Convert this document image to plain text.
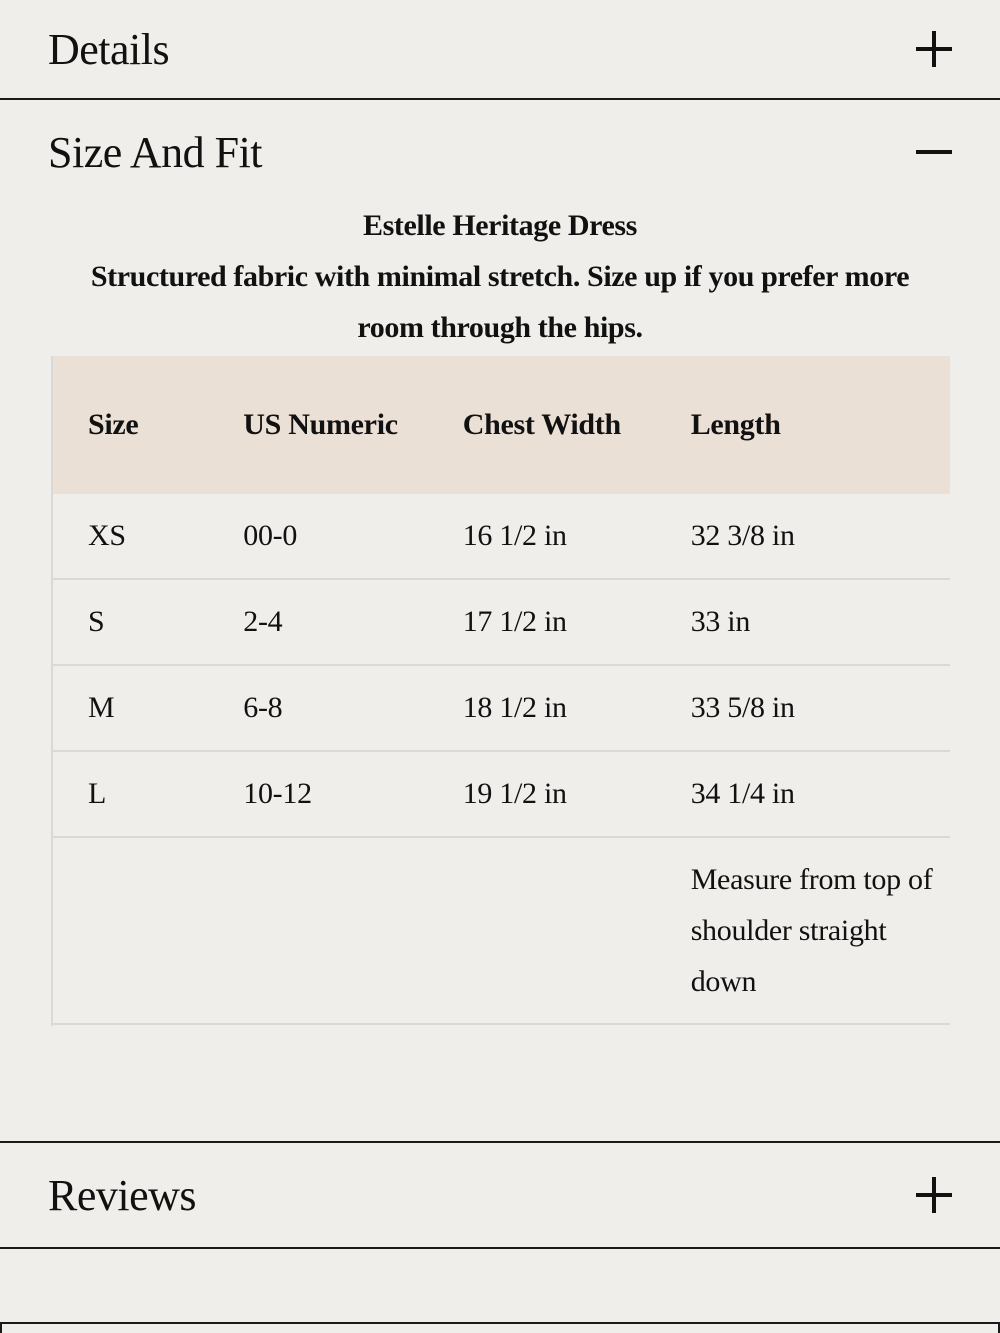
Details
Size And Fit
Estelle Heritage Dress
Structured fabric with minimal stretch. Size up if you prefer more room through the hips.
Size	US Numeric	Chest Width	Length	
XS	00-0	16 1/2 in	32 3/8 in	
S	2-4	17 1/2 in	33 in	
M	6-8	18 1/2 in	33 5/8 in	
L	10-12	19 1/2 in	34 1/4 in	
			Measure from top of shoulder straight down	
Reviews
